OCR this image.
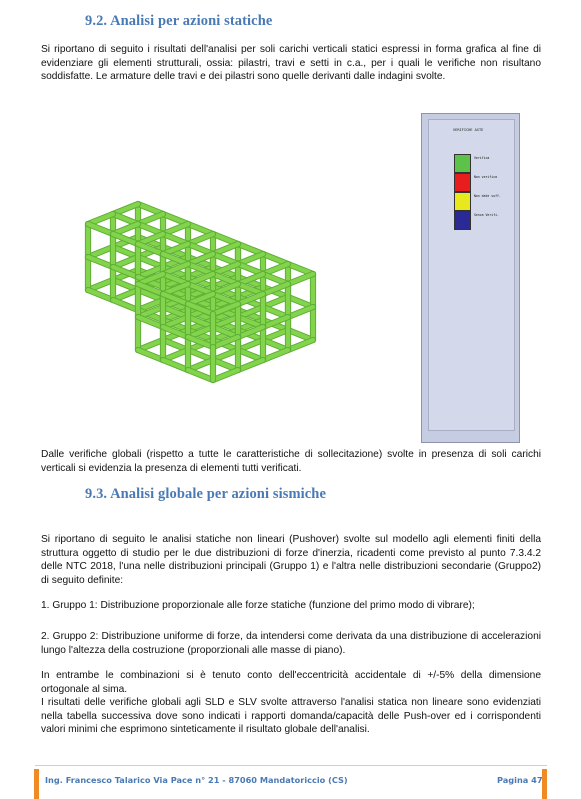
9.2. Analisi per azioni statiche

Si riportano di seguito i risultati dell'analisi per soli carichi verticali statici espressi in forma grafica al fine di evidenziare gli elementi strutturali, ossia: pilastri, travi e setti in c.a., per i quali le verifiche non risultano soddisfatte. Le armature delle travi e dei pilastri sono quelle derivanti dalle indagini svolte.

VERIFICHE ASTE
Verifica
Non verifica
Non date suff.
Senza Verifi.

Dalle verifiche globali (rispetto a tutte le caratteristiche di sollecitazione) svolte in presenza di soli carichi verticali si evidenzia la presenza di elementi tutti verificati.

9.3. Analisi globale per azioni sismiche

Si riportano di seguito le analisi statiche non lineari (Pushover) svolte sul modello agli elementi finiti della struttura oggetto di studio per le due distribuzioni di forze d'inerzia, ricadenti come previsto al punto 7.3.4.2 delle NTC 2018, l'una nelle distribuzioni principali (Gruppo 1) e l'altra nelle distribuzioni secondarie (Gruppo2) di seguito definite:

1. Gruppo 1: Distribuzione proporzionale alle forze statiche (funzione del primo modo di vibrare);

2. Gruppo 2: Distribuzione uniforme di forze, da intendersi come derivata da una distribuzione di accelerazioni lungo l'altezza della costruzione (proporzionali alle masse di piano).

In entrambe le combinazioni si è tenuto conto dell'eccentricità accidentale di +/-5% della dimensione ortogonale al sima.

I risultati delle verifiche globali agli SLD e SLV svolte attraverso l'analisi statica non lineare sono evidenziati nella tabella successiva dove sono indicati i rapporti domanda/capacità delle Push-over ed i corrispondenti valori minimi che esprimono sinteticamente il risultato globale dell'analisi.

Ing. Francesco Talarico Via Pace n° 21 - 87060 Mandatoriccio (CS)	Pagina 47
